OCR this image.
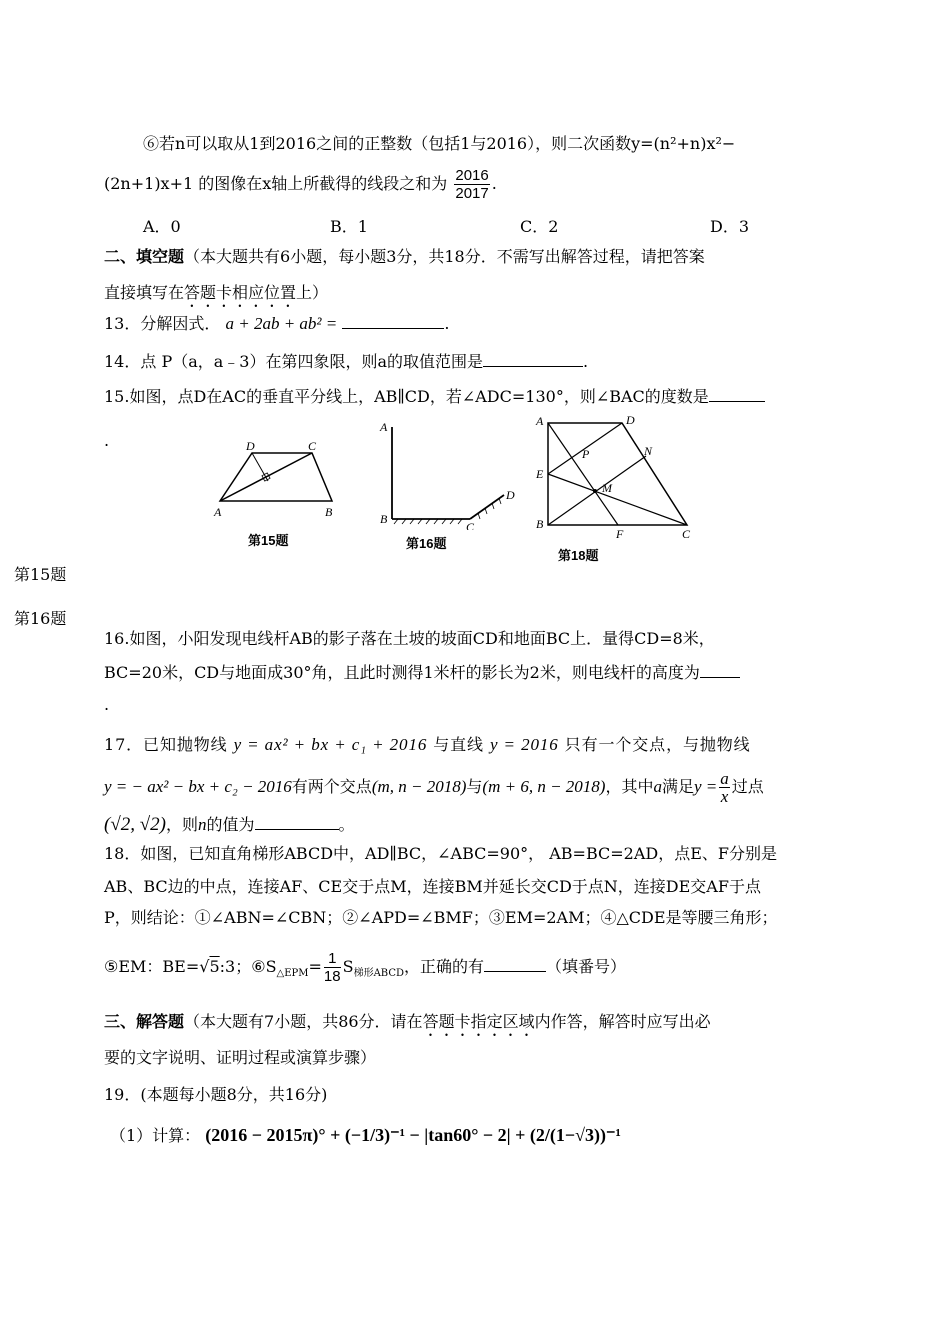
⑥若n可以取从1到2016之间的正整数（包括1与2016），则二次函数y=(n²+n)x²−
(2n+1)x+1 的图像在x轴上所截得的线段之和为 $\frac{2016}{2017}$ .
A．0	B．1	C．2	D．3
二、填空题（本大题共有6小题，每小题3分，共18分．不需写出解答过程，请把答案
直接填写在答题卡相应位置上）
13．分解因式． a + 2ab + ab² =	.
14．点 P（a，a﹣3）在第四象限，则a的取值范围是	.
15.如图，点D在AC的垂直平分线上，AB∥CD，若∠ADC=130°，则∠BAC的度数是
.	D	C
A	B
第15题
A
B
C
D
第16题
A	D
P	N
E
M
B
F	C
第18题
第15题
第16题
16.如图，小阳发现电线杆AB的影子落在土坡的坡面CD和地面BC上．量得CD=8米，
BC=20米，CD与地面成30°角，且此时测得1米杆的影长为2米，则电线杆的高度为
.
17．已知抛物线 y = ax² + bx + c₁ + 2016 与直线 y = 2016 只有一个交点，与抛物线
y = − ax² − bx + c₂ − 2016有两个交点(m, n − 2018)与(m + 6, n − 2018)，其中a满足$y = \frac{a}{x}$ 过点
(√2, √2)，则n的值为	。
18．如图，已知直角梯形ABCD中，AD∥BC，∠ABC=90°， AB=BC=2AD，点E、F分别是
AB、BC边的中点，连接AF、CE交于点M，连接BM并延长交CD于点N，连接DE交AF于点
P，则结论：①∠ABN=∠CBN；②∠APD=∠BMF；③EM=2AM；④△CDE是等腰三角形；
⑤EM：BE=√5:3；$⑥S_{\triangle EPM}= \frac{1}{18} S_{梯形ABCD}$，正确的有	（填番号）
三、解答题（本大题有7小题，共86分．请在答题卡指定区域内作答，解答时应写出必
要的文字说明、证明过程或演算步骤）
19．(本题每小题8分，共16分)
（1）计算： (2016 − 2015π)° + (−1/3)⁻¹ − |tan60° − 2| + (2/(1−√3))⁻¹
